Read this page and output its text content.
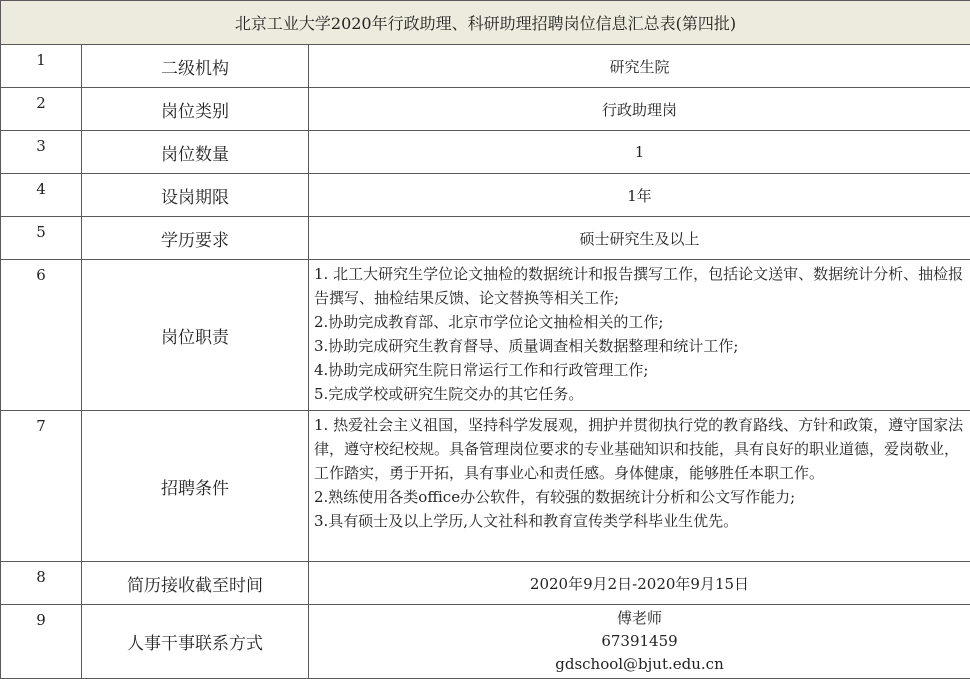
北京工业大学2020年行政助理、科研助理招聘岗位信息汇总表(第四批)		
1	二级机构	研究生院
2	岗位类别	行政助理岗
3	岗位数量	1
4	设岗期限	1年
5	学历要求	硕士研究生及以上
6	岗位职责	1. 北工大研究生学位论文抽检的数据统计和报告撰写工作，包括论文送审、数据统计分析、抽检报告撰写、抽检结果反馈、论文替换等相关工作;
2.协助完成教育部、北京市学位论文抽检相关的工作;
3.协助完成研究生教育督导、质量调查相关数据整理和统计工作;
4.协助完成研究生院日常运行工作和行政管理工作;
5.完成学校或研究生院交办的其它任务。

7	招聘条件	1. 热爱社会主义祖国，坚持科学发展观，拥护并贯彻执行党的教育路线、方针和政策，遵守国家法律，遵守校纪校规。具备管理岗位要求的专业基础知识和技能，具有良好的职业道德，爱岗敬业，工作踏实，勇于开拓，具有事业心和责任感。身体健康，能够胜任本职工作。
2.熟练使用各类office办公软件，有较强的数据统计分析和公文写作能力;
3.具有硕士及以上学历,人文社科和教育宣传类学科毕业生优先。

8	简历接收截至时间	2020年9月2日-2020年9月15日
9	人事干事联系方式	傅老师
67391459
gdschool@bjut.edu.cn
